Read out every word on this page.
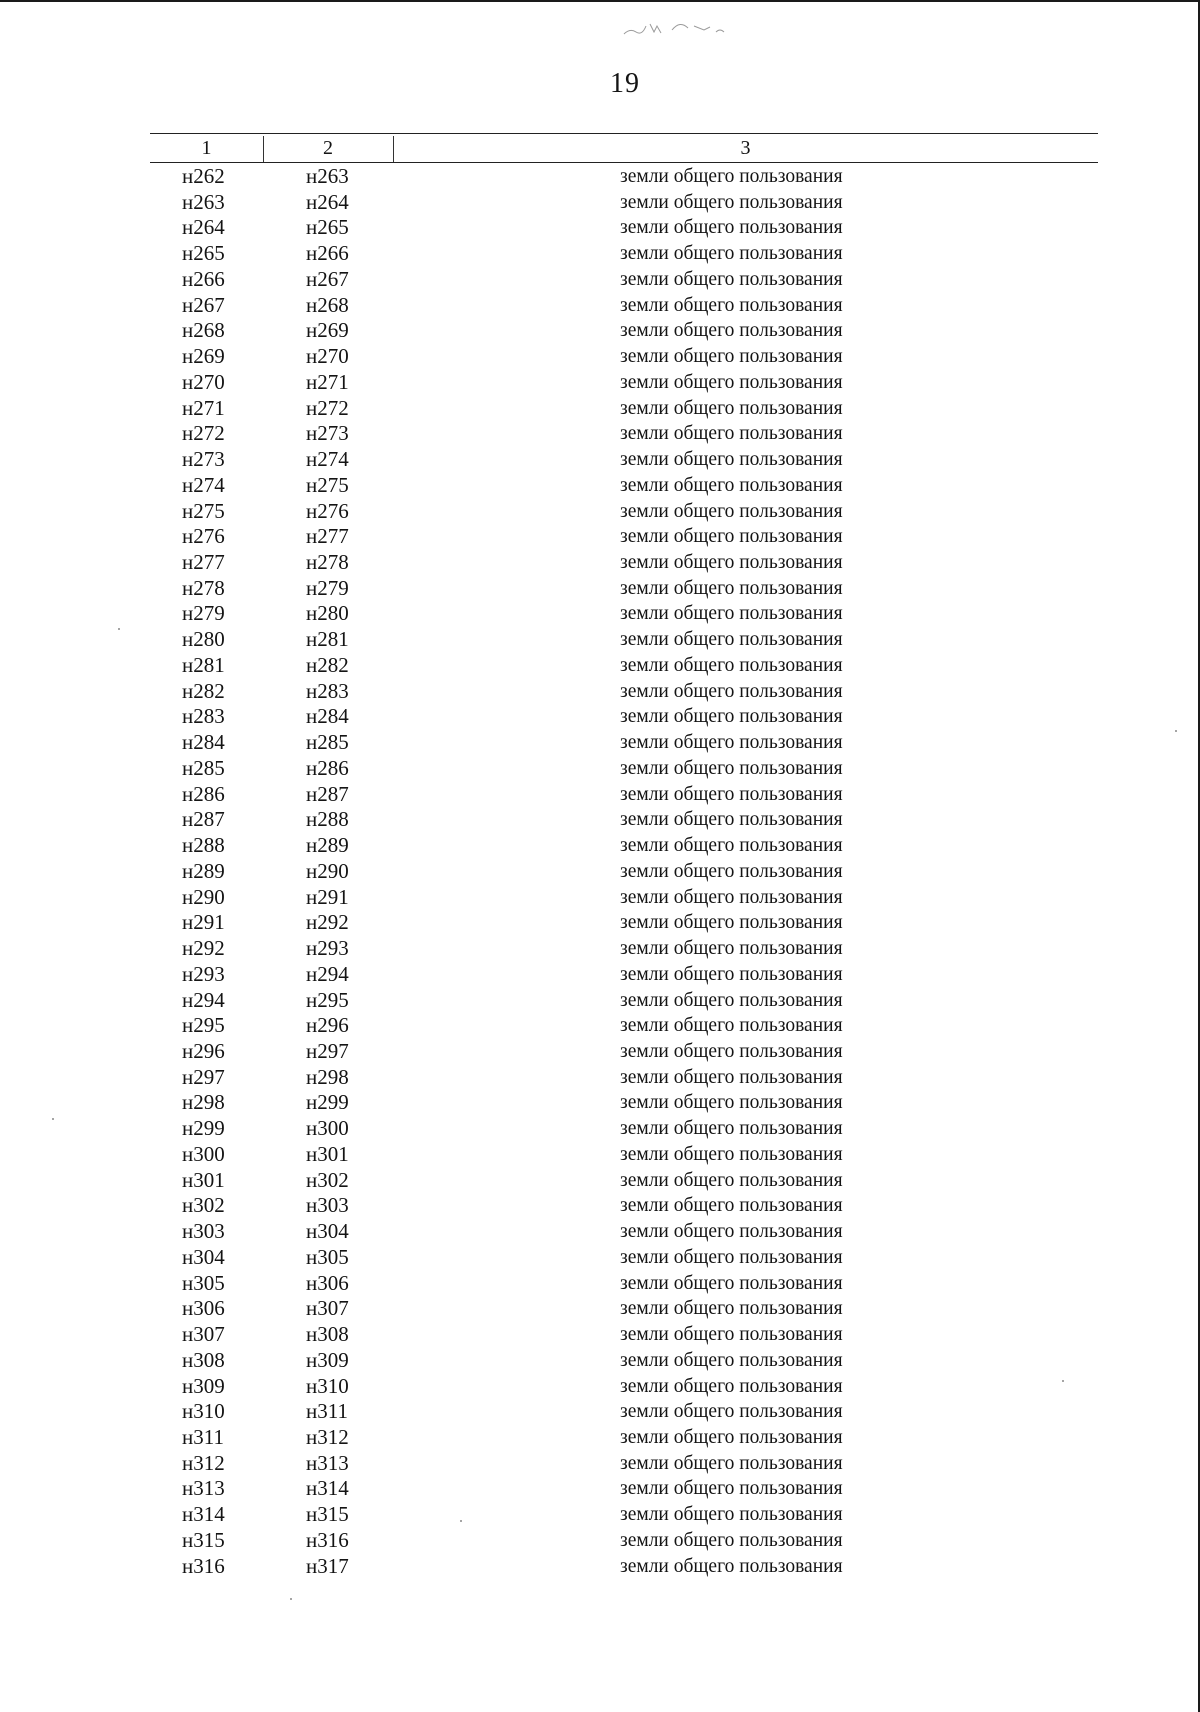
19
1	2	3
н262	н263	земли общего пользования
н263	н264	земли общего пользования
н264	н265	земли общего пользования
н265	н266	земли общего пользования
н266	н267	земли общего пользования
н267	н268	земли общего пользования
н268	н269	земли общего пользования
н269	н270	земли общего пользования
н270	н271	земли общего пользования
н271	н272	земли общего пользования
н272	н273	земли общего пользования
н273	н274	земли общего пользования
н274	н275	земли общего пользования
н275	н276	земли общего пользования
н276	н277	земли общего пользования
н277	н278	земли общего пользования
н278	н279	земли общего пользования
н279	н280	земли общего пользования
н280	н281	земли общего пользования
н281	н282	земли общего пользования
н282	н283	земли общего пользования
н283	н284	земли общего пользования
н284	н285	земли общего пользования
н285	н286	земли общего пользования
н286	н287	земли общего пользования
н287	н288	земли общего пользования
н288	н289	земли общего пользования
н289	н290	земли общего пользования
н290	н291	земли общего пользования
н291	н292	земли общего пользования
н292	н293	земли общего пользования
н293	н294	земли общего пользования
н294	н295	земли общего пользования
н295	н296	земли общего пользования
н296	н297	земли общего пользования
н297	н298	земли общего пользования
н298	н299	земли общего пользования
н299	н300	земли общего пользования
н300	н301	земли общего пользования
н301	н302	земли общего пользования
н302	н303	земли общего пользования
н303	н304	земли общего пользования
н304	н305	земли общего пользования
н305	н306	земли общего пользования
н306	н307	земли общего пользования
н307	н308	земли общего пользования
н308	н309	земли общего пользования
н309	н310	земли общего пользования
н310	н311	земли общего пользования
н311	н312	земли общего пользования
н312	н313	земли общего пользования
н313	н314	земли общего пользования
н314	н315	земли общего пользования
н315	н316	земли общего пользования
н316	н317	земли общего пользования
